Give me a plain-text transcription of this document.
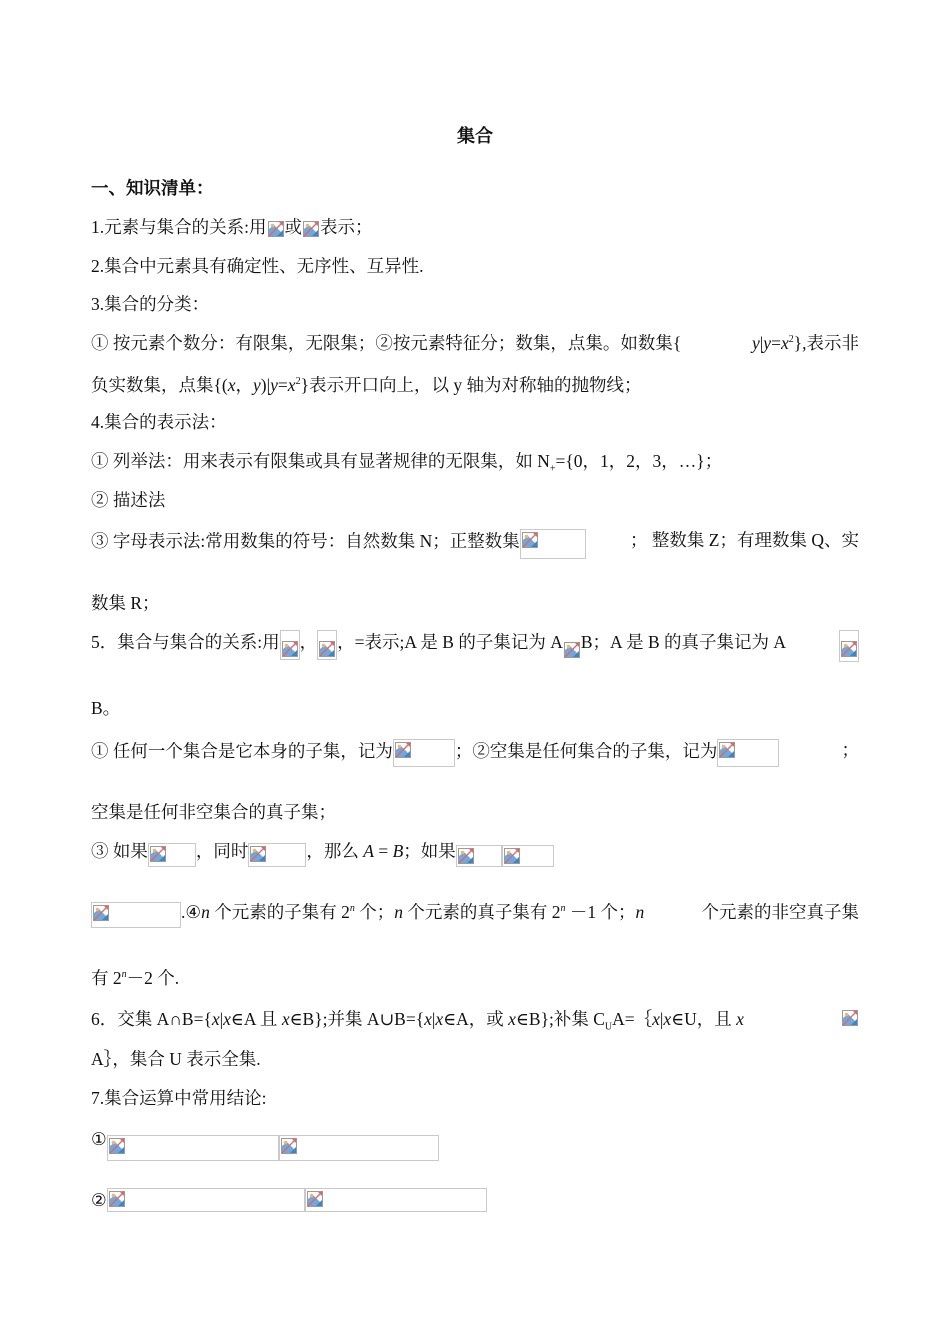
集合
一、知识清单：
1.元素与集合的关系:用 或 表示；
2.集合中元素具有确定性、无序性、互异性.
3.集合的分类：
① 按元素个数分：有限集，无限集；②按元素特征分；数集，点集。如数集{	$y|y=x^2$},表示非
负实数集，点集{(x，$y)|y=x^2$}表示开口向上，以 y 轴为对称轴的抛物线；
4.集合的表示法：
① 列举法：用来表示有限集或具有显著规律的无限集，如 $N_+=\{0$，1，2，3，…}；
② 描述法
③ 字母表示法:常用数集的符号：自然数集 N；正整数集	； 整数集 Z；有理数集 Q、实
数集 R；
5．集合与集合的关系:用 ， ，=表示;A 是 B 的子集记为 A B；A 是 B 的真子集记为 A
B。
① 任何一个集合是它本身的子集，记为	；②空集是任何集合的子集，记为	；
空集是任何非空集合的真子集；
③ 如果	，同时	，那么 A = B；如果
.④n 个元素的子集有 2$^n$ 个；n 个元素的真子集有 $2^n -1$ 个；n	个元素的非空真子集
有 $2^n-2$ 个.
6．交集 A∩B={x|x∈A 且 x∈B};并集 A∪B={x|x∈A，或 x∈B};补集 $C_UA=\{x|x\in U$，且 x
A｝，集合 U 表示全集.
7.集合运算中常用结论:
①
②
